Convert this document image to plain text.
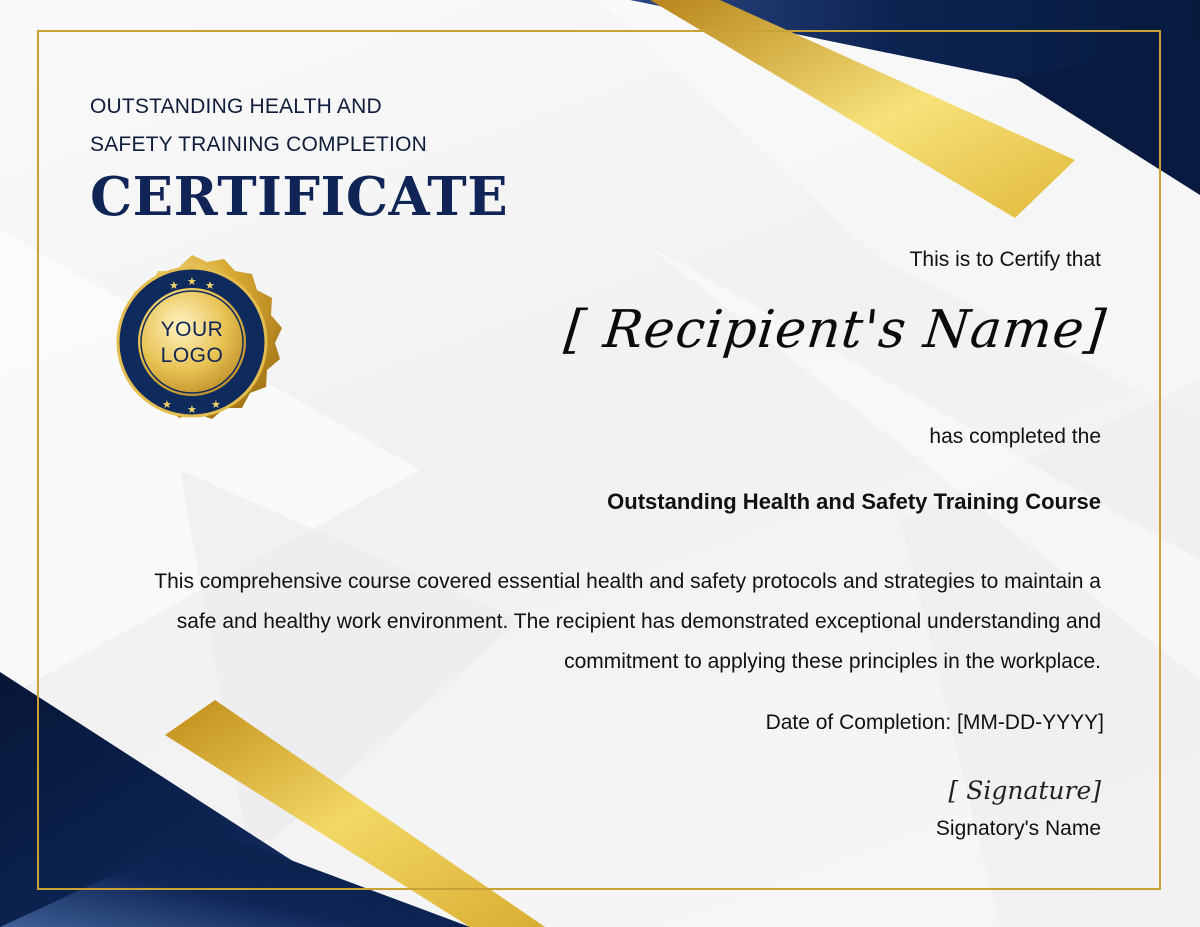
★ ★ ★
★ ★ ★
OUTSTANDING HEALTH AND
SAFETY TRAINING COMPLETION
CERTIFICATE
YOUR
LOGO
This is to Certify that
[ Recipient's Name]
has completed the
Outstanding Health and Safety Training Course
This comprehensive course covered essential health and safety protocols and strategies to maintain a safe and healthy work environment. The recipient has demonstrated exceptional understanding and commitment to applying these principles in the workplace.
Date of Completion: [MM-DD-YYYY]
[ Signature]
Signatory's Name
